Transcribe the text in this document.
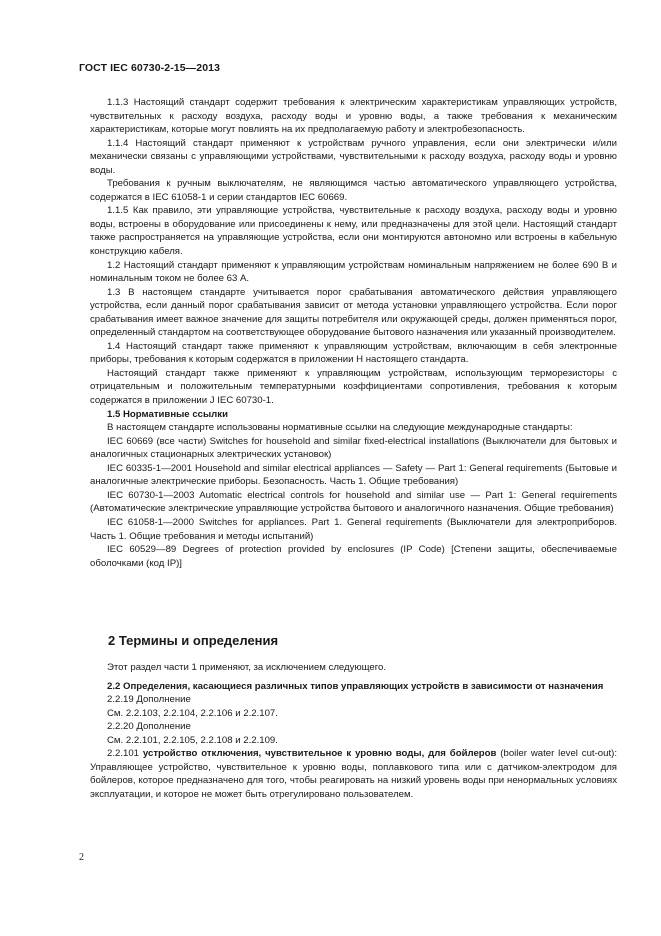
ГОСТ IEC 60730-2-15—2013

1.1.3 Настоящий стандарт содержит требования к электрическим характеристикам управляющих устройств, чувствительных к расходу воздуха, расходу воды и уровню воды, а также требования к механическим характеристикам, которые могут повлиять на их предполагаемую работу и электробезопасность.

1.1.4 Настоящий стандарт применяют к устройствам ручного управления, если они электрически и/или механически связаны с управляющими устройствами, чувствительными к расходу воздуха, расходу воды и уровню воды.

Требования к ручным выключателям, не являющимся частью автоматического управляющего устройства, содержатся в IEC 61058-1 и серии стандартов IEC 60669.

1.1.5 Как правило, эти управляющие устройства, чувствительные к расходу воздуха, расходу воды и уровню воды, встроены в оборудование или присоединены к нему, или предназначены для этой цели. Настоящий стандарт также распространяется на управляющие устройства, если они монтируются автономно или встроены в кабельную конструкцию кабеля.

1.2 Настоящий стандарт применяют к управляющим устройствам номинальным напряжением не более 690 В и номинальным током не более 63 А.

1.3 В настоящем стандарте учитывается порог срабатывания автоматического действия управляющего устройства, если данный порог срабатывания зависит от метода установки управляющего устройства. Если порог срабатывания имеет важное значение для защиты потребителя или окружающей среды, должен применяться порог, определенный стандартом на соответствующее оборудование бытового назначения или указанный производителем.

1.4 Настоящий стандарт также применяют к управляющим устройствам, включающим в себя электронные приборы, требования к которым содержатся в приложении H настоящего стандарта.

Настоящий стандарт также применяют к управляющим устройствам, использующим терморезисторы с отрицательным и положительным температурными коэффициентами сопротивления, требования к которым содержатся в приложении J IEC 60730-1.

1.5 Нормативные ссылки

В настоящем стандарте использованы нормативные ссылки на следующие международные стандарты:

IEC 60669 (все части) Switches for household and similar fixed-electrical installations (Выключатели для бытовых и аналогичных стационарных электрических установок)

IEC 60335-1—2001 Household and similar electrical appliances — Safety — Part 1: General requirements (Бытовые и аналогичные электрические приборы. Безопасность. Часть 1. Общие требования)

IEC 60730-1—2003 Automatic electrical controls for household and similar use — Part 1: General requirements (Автоматические электрические управляющие устройства бытового и аналогичного назначения. Общие требования)

IEC 61058-1—2000 Switches for appliances. Part 1. General requirements (Выключатели для электроприборов. Часть 1. Общие требования и методы испытаний)

IEC 60529—89 Degrees of protection provided by enclosures (IP Code) [Степени защиты, обеспечиваемые оболочками (код IP)]

2 Термины и определения

Этот раздел части 1 применяют, за исключением следующего.

2.2 Определения, касающиеся различных типов управляющих устройств в зависимости от назначения

2.2.19 Дополнение

См. 2.2.103, 2.2.104, 2.2.106 и 2.2.107.

2.2.20 Дополнение

См. 2.2.101, 2.2.105, 2.2.108 и 2.2.109.

2.2.101 устройство отключения, чувствительное к уровню воды, для бойлеров (boiler water level cut-out): Управляющее устройство, чувствительное к уровню воды, поплавкового типа или с датчиком-электродом для бойлеров, которое предназначено для того, чтобы реагировать на низкий уровень воды при ненормальных условиях эксплуатации, и которое не может быть отрегулировано пользователем.

2
